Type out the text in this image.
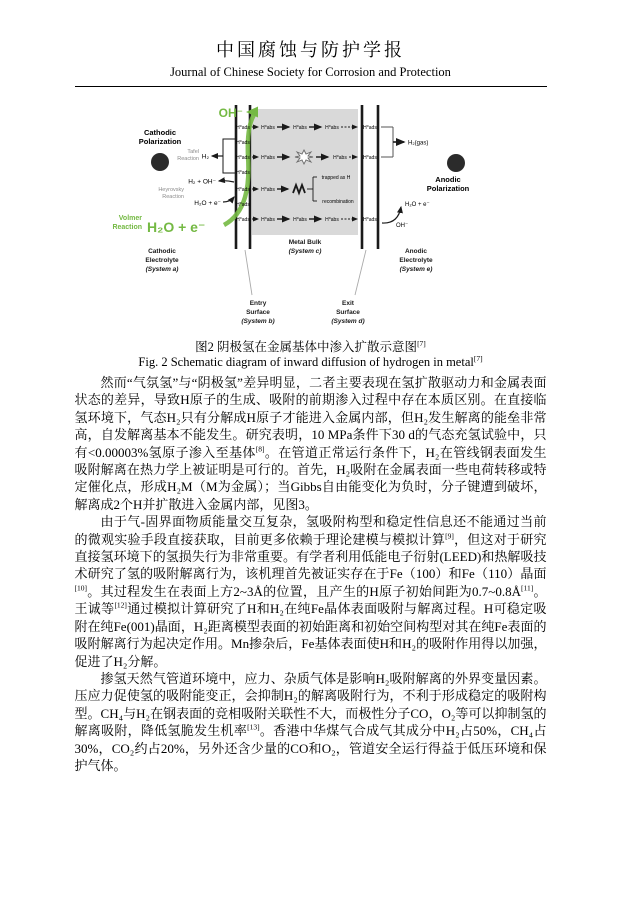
中国腐蚀与防护学报
Journal of Chinese Society for Corrosion and Protection
OH⁻
Cathodic
Polarization
H₂
Tafel
Reaction
H₂ + OH⁻
Heyrovsky
Reaction
H₂O + e⁻
Volmer
Reaction H₂O + e⁻
H⁰ads
H⁰ads
H⁰ads
H⁰ads
H⁰ads
H⁰ads
H⁰ads
H⁰abs	H⁰abs	H⁰abs	H⁰ads
H⁰abs	H⁰abs	H⁰ads
H⁰abs
trapped as H
recombination
H⁰abs	H⁰abs	H⁰abs	H⁰ads
H₂(gas)
H₂O + e⁻
OH⁻
Anodic
Polarization
Cathodic
Electrolyte
(System a)
Metal Bulk
(System c)
Entry
Surface
(System b)
Exit
Surface
(System d)
Anodic
Electrolyte
(System e)
图2 阴极氢在金属基体中渗入扩散示意图[7]
Fig. 2 Schematic diagram of inward diffusion of hydrogen in metal[7]

然而“气氛氢”与“阴极氢”差异明显，二者主要表现在氢扩散驱动力和金属表面状态的差异，导致H原子的生成、吸附的前期渗入过程中存在本质区别。在直接临氢环境下，气态H₂只有分解成H原子才能进入金属内部，但H₂发生解离的能垒非常高，自发解离基本不能发生。研究表明，10 MPa条件下30 d的气态充氢试验中，只有<0.00003%氢原子渗入至基体[8]。在管道正常运行条件下，H₂在管线钢表面发生吸附解离在热力学上被证明是可行的。首先，H₂吸附在金属表面一些电荷转移或特定催化点，形成H₂M（M为金属）；当Gibbs自由能变化为负时，分子键遭到破坏，解离成2个H并扩散进入金属内部，见图3。

由于气-固界面物质能量交互复杂，氢吸附构型和稳定性信息还不能通过当前的微观实验手段直接获取，目前更多依赖于理论建模与模拟计算[9]，但这对于研究直接氢环境下的氢损失行为非常重要。有学者利用低能电子衍射(LEED)和热解吸技术研究了氢的吸附解离行为，该机理首先被证实存在于Fe（100）和Fe（110）晶面[10]。其过程发生在表面上方2~3Å的位置，且产生的H原子初始间距为0.7~0.8Å[11]。王诚等[12]通过模拟计算研究了H和H₂在纯Fe晶体表面吸附与解离过程。H可稳定吸附在纯Fe(001)晶面，H₂距离模型表面的初始距离和初始空间构型对其在纯Fe表面的吸附解离行为起决定作用。Mn掺杂后，Fe基体表面使H和H₂的吸附作用得以加强，促进了H₂分解。

掺氢天然气管道环境中，应力、杂质气体是影响H₂吸附解离的外界变量因素。压应力促使氢的吸附能变正，会抑制H₂的解离吸附行为，不利于形成稳定的吸附构型。CH₄与H₂在钢表面的竞相吸附关联性不大，而极性分子CO，O₂等可以抑制氢的解离吸附，降低氢脆发生机率[13]。香港中华煤气合成气其成分中H₂占50%，CH₄占30%，CO₂约占20%，另外还含少量的CO和O₂，管道安全运行得益于低压环境和保护气体。
